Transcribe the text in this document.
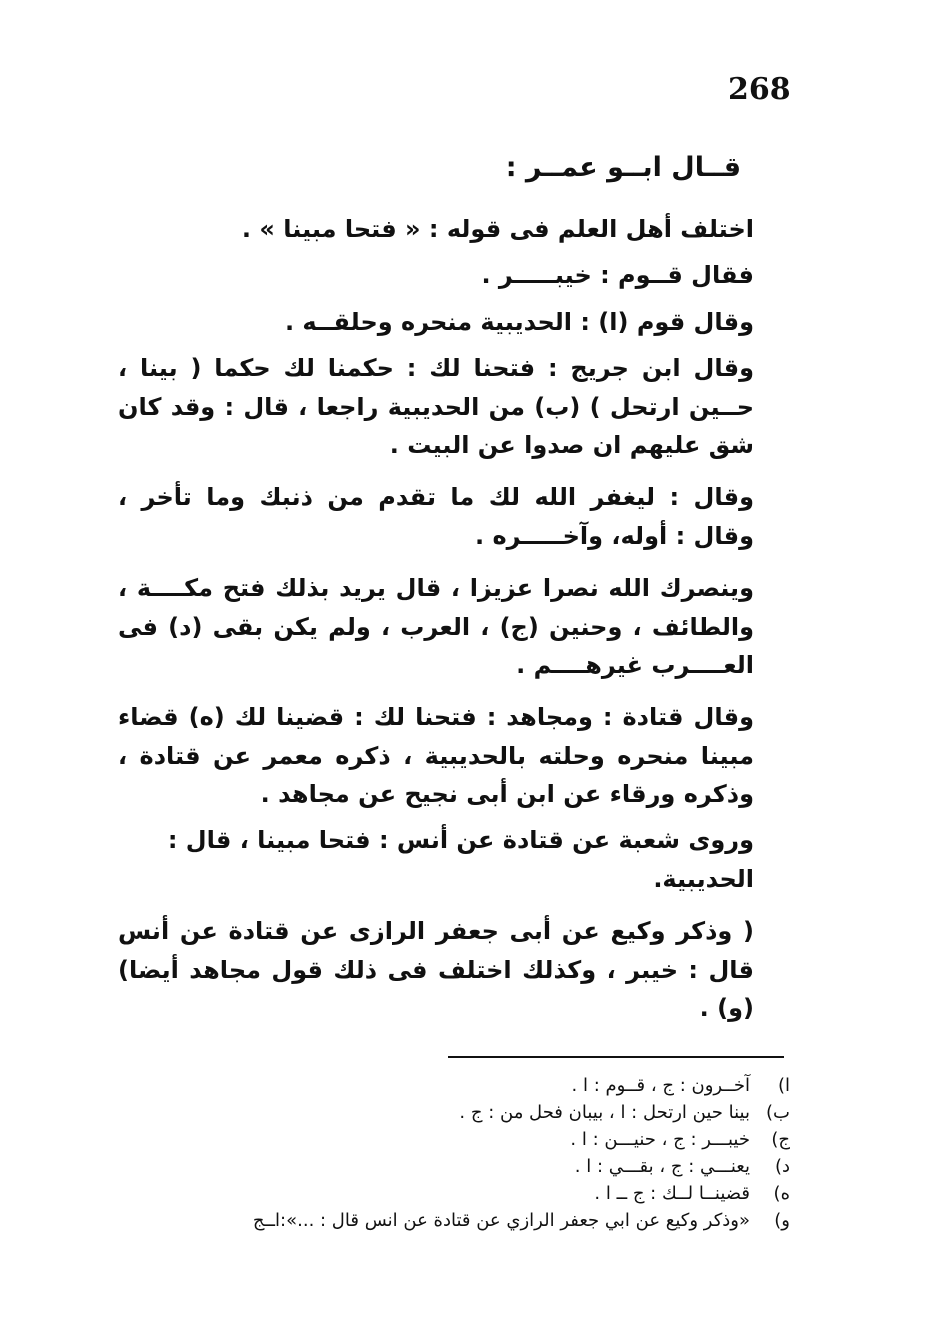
268
قــال ابــو عمــر :

اختلف أهل العلم فى قوله : « فتحا مبينا » .

فقال قــوم : خيبـــــر .

وقال قوم (ا) : الحديبية منحره وحلقــه .

وقال ابن جريج : فتحنا لك : حكمنا لك حكما ( بينا ، حــين ارتحل ) (ب) من الحديبية راجعا ، قال : وقد كان شق عليهم ان صدوا عن البيت .

وقال : ليغفر الله لك ما تقدم من ذنبك وما تأخر ، وقال : أوله، وآخـــــره .

وينصرك الله نصرا عزيزا ، قال يريد بذلك فتح مكــــة ، والطائف ، وحنين (ج) ، العرب ، ولم يكن بقى (د) فى العــــرب غيرهــــم .

وقال قتادة : ومجاهد : فتحنا لك : قضينا لك (ه) قضاء مبينا منحره وحلته بالحديبية ، ذكره معمر عن قتادة ، وذكره ورقاء عن ابن أبى نجيح عن مجاهد .

وروى شعبة عن قتادة عن أنس : فتحا مبينا ، قال : الحديبية.

( وذكر وكيع عن أبى جعفر الرازى عن قتادة عن أنس قال : خيبر ، وكذلك اختلف فى ذلك قول مجاهد أيضا) (و) .

ا)
آخــرون : ج ، قــوم : ا .
ب)
بينا حين ارتحل : ا ، بيبان فحل من : ج .
ج)
خيبـــر : ج ، حنيـــن : ا .
د)
يعنـــي : ج ، بقـــي : ا .
ه)
قضينــا لــك : ج ــ ا .
و)
«وذكر وكيع عن ابي جعفر الرازي عن قتادة عن انس قال : ...»:اــج
